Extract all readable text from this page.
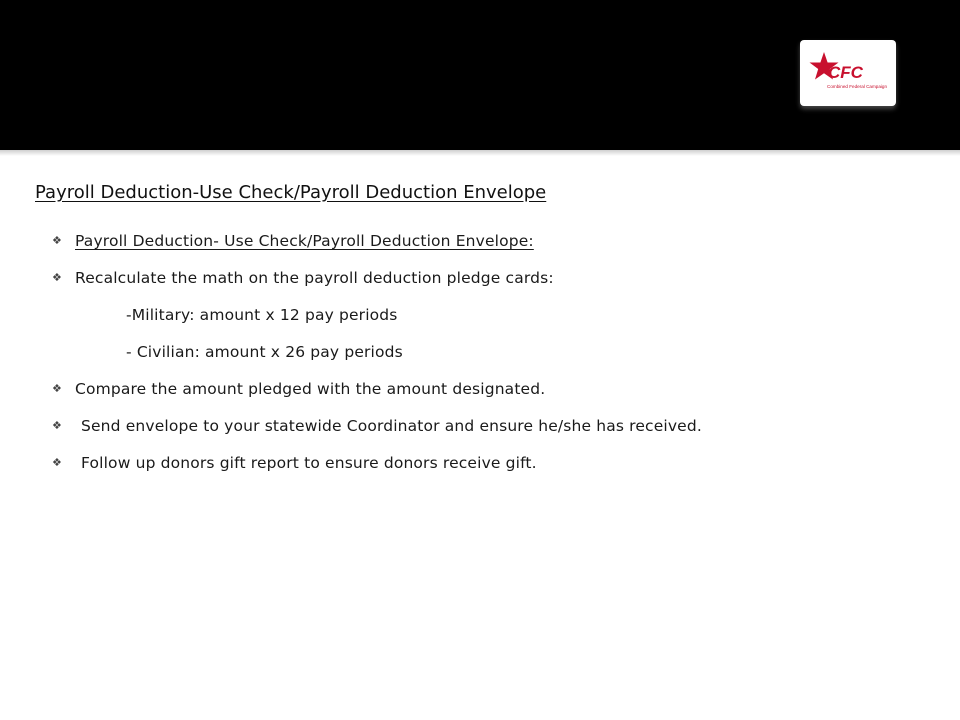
CFC
Combined Federal Campaign
Payroll Deduction-Use Check/Payroll Deduction Envelope
❖ Payroll Deduction- Use Check/Payroll Deduction Envelope:
❖ Recalculate the math on the payroll deduction pledge cards:
-Military: amount x 12 pay periods
- Civilian: amount x 26 pay periods
❖ Compare the amount pledged with the amount designated.
❖ Send envelope to your statewide Coordinator and ensure he/she has received.
❖ Follow up donors gift report to ensure donors receive gift.
